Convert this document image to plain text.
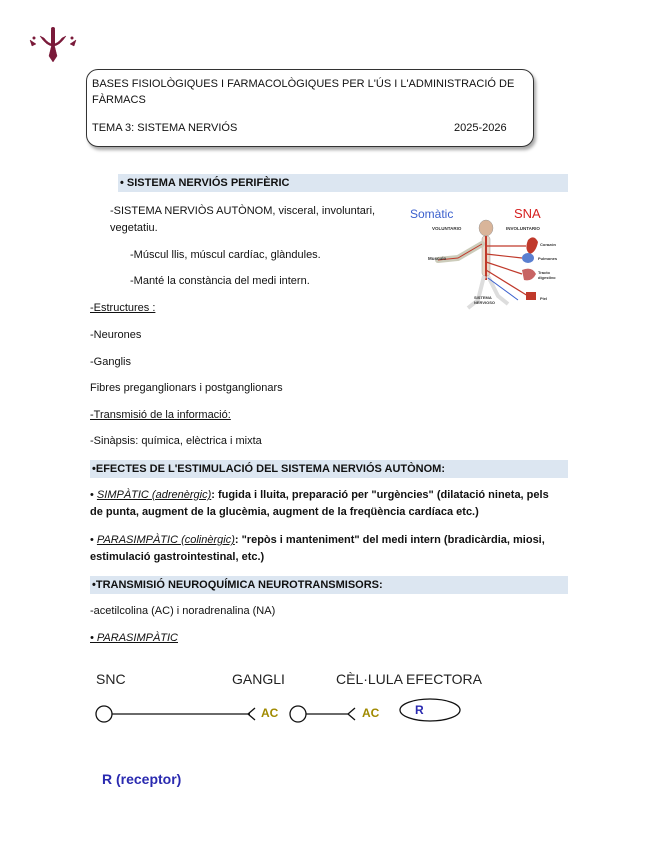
BASES FISIOLÒGIQUES I FARMACOLÒGIQUES PER L'ÚS I L'ADMINISTRACIÓ DE FÀRMACS
TEMA 3: SISTEMA NERVIÓS	2025-2026
• SISTEMA NERVIÓS PERIFÈRIC
-SISTEMA NERVIÒS AUTÒNOM, visceral, involuntari,
vegetatiu.
-Múscul llis, múscul cardíac, glàndules.
-Manté la constància del medi intern.
-Estructures :
-Neurones
-Ganglis
Fibres preganglionars i postganglionars
-Transmisió de la informació:
-Sinàpsis: química, elèctrica i mixta
Somàtic	SNA
VOLUNTARIO	INVOLUNTARIO
Musculo
Corazón
Pulmones
Tracto
digestivo
Piel
SISTEMA
NERVIOSO
•EFECTES DE L'ESTIMULACIÓ DEL SISTEMA NERVIÓS AUTÒNOM:
• SIMPÀTIC (adrenèrgic): fugida i lluita, preparació per "urgències" (dilatació nineta, pels de punta, augment de la glucèmia, augment de la freqüència cardíaca etc.)
• PARASIMPÀTIC (colinèrgic): "repòs i manteniment" del medi intern (bradicàrdia, miosi, estimulació gastrointestinal, etc.)
•TRANSMISIÓ NEUROQUÍMICA NEUROTRANSMISORS:
-acetilcolina (AC) i noradrenalina (NA)
• PARASIMPÀTIC
SNC	GANGLI	CÈL·LULA EFECTORA
AC	AC	R
R (receptor)
